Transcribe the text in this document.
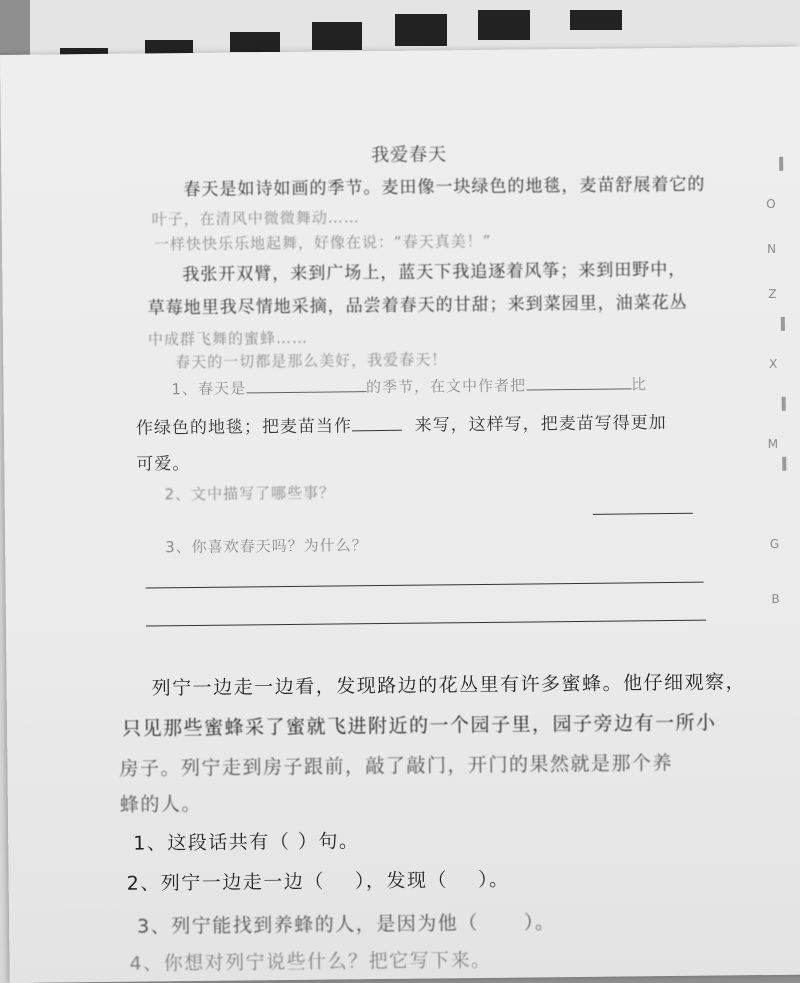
我爱春天
春天是如诗如画的季节。麦田像一块绿色的地毯，麦苗舒展着它的
叶子，在清风中微微舞动……
一样快快乐乐地起舞，好像在说：“春天真美！”
我张开双臂，来到广场上，蓝天下我追逐着风筝；来到田野中，
草莓地里我尽情地采摘，品尝着春天的甘甜；来到菜园里，油菜花丛
中成群飞舞的蜜蜂……
春天的一切都是那么美好，我爱春天！
1、春天是	的季节，在文中作者把	比
作绿色的地毯；把麦苗当作	来写，这样写，把麦苗写得更加
可爱。
2、文中描写了哪些事？
3、你喜欢春天吗？为什么？
列宁一边走一边看，发现路边的花丛里有许多蜜蜂。他仔细观察，
只见那些蜜蜂采了蜜就飞进附近的一个园子里，园子旁边有一所小
房子。列宁走到房子跟前，敲了敲门，开门的果然就是那个养
蜂的人。
1、这段话共有（ ）句。
2、列宁一边走一边（ ），发现（ ）。
3、列宁能找到养蜂的人，是因为他（ ）。
4、你想对列宁说些什么？把它写下来。
O
N
Z
X
M
G
B
